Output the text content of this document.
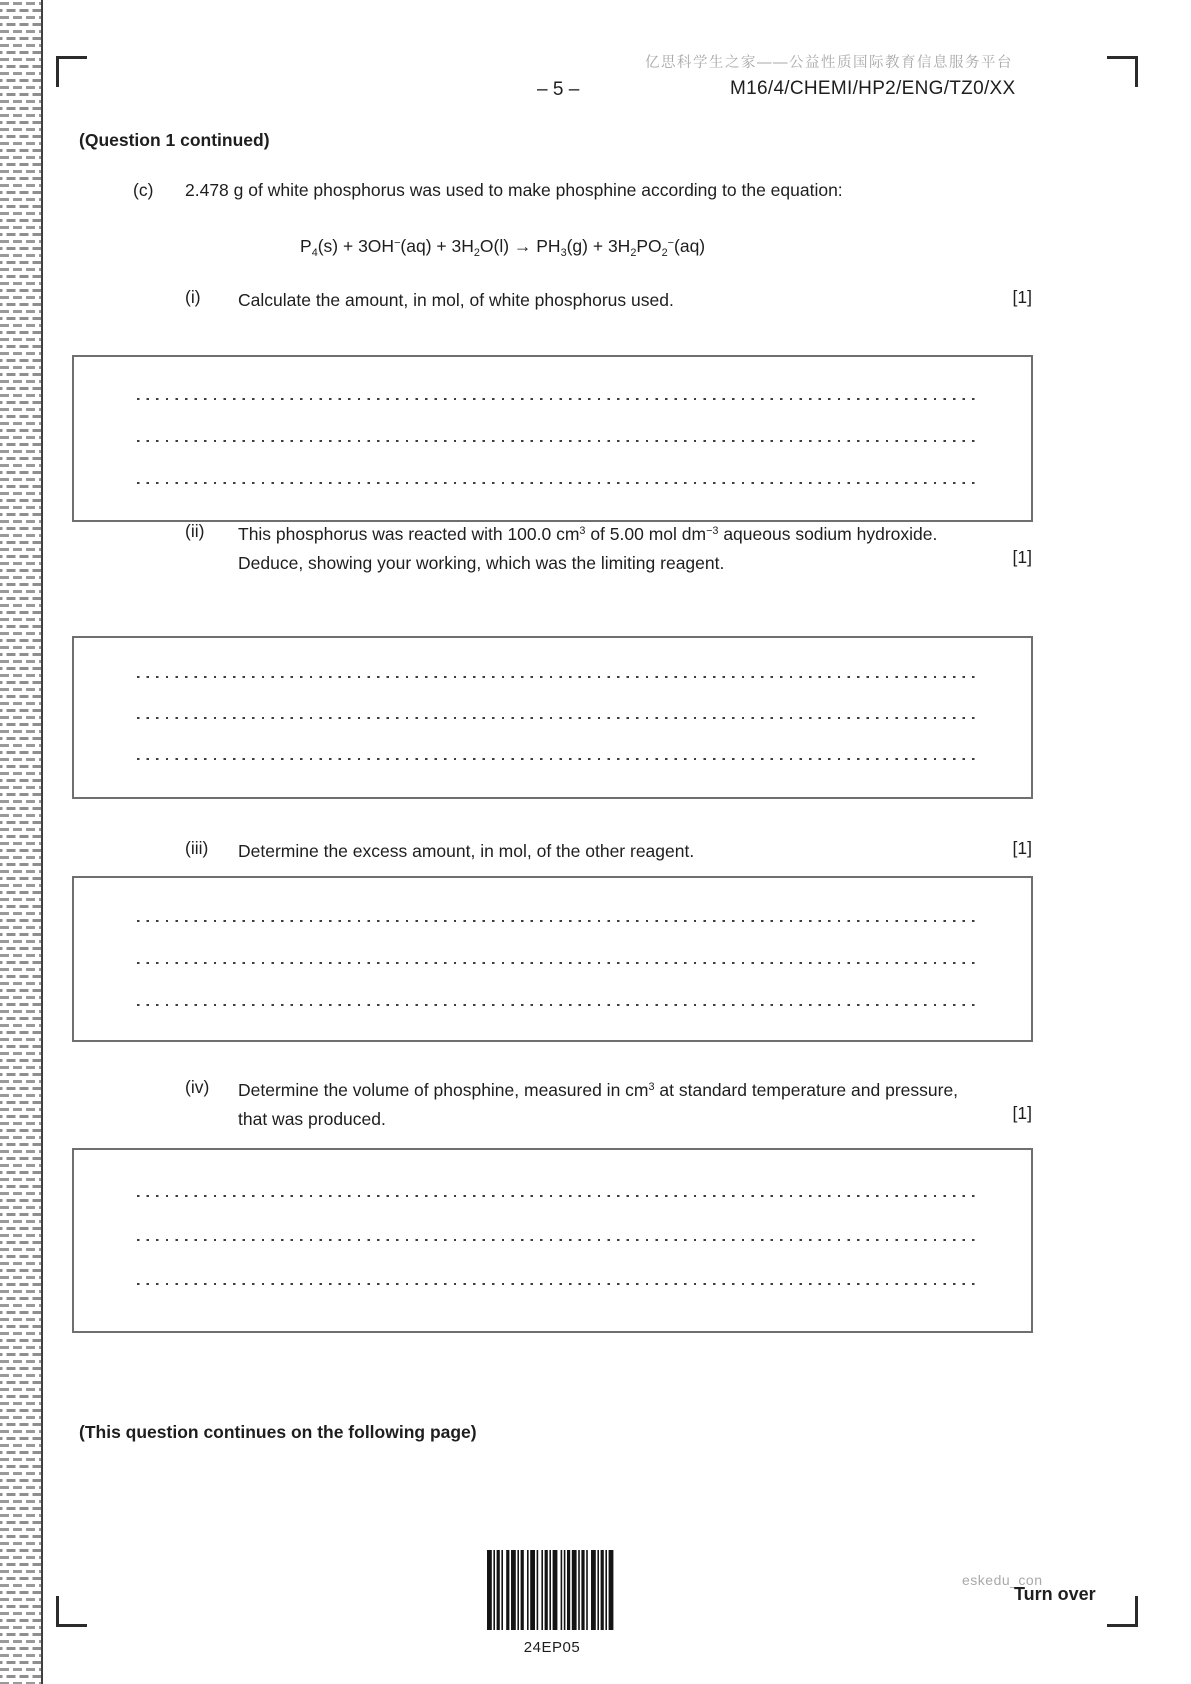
亿思科学生之家——公益性质国际教育信息服务平台
– 5 –	M16/4/CHEMI/HP2/ENG/TZ0/XX
(Question 1 continued)
(c) 2.478 g of white phosphorus was used to make phosphine according to the equation:
$P_4(s) + 3OH^-(aq) + 3H_2O(l) \to PH_3(g) + 3H_2PO_2^-(aq)$
(i) Calculate the amount, in mol, of white phosphorus used.	[1]
(ii) This phosphorus was reacted with 100.0 $cm^3$ of 5.00 mol $dm^{-3}$ aqueous sodium hydroxide. Deduce, showing your working, which was the limiting reagent.	[1]
(iii) Determine the excess amount, in mol, of the other reagent.	[1]
(iv) Determine the volume of phosphine, measured in $cm^3$ at standard temperature and pressure, that was produced.	[1]
(This question continues on the following page)
24EP05
eskedu_con
Turn over
